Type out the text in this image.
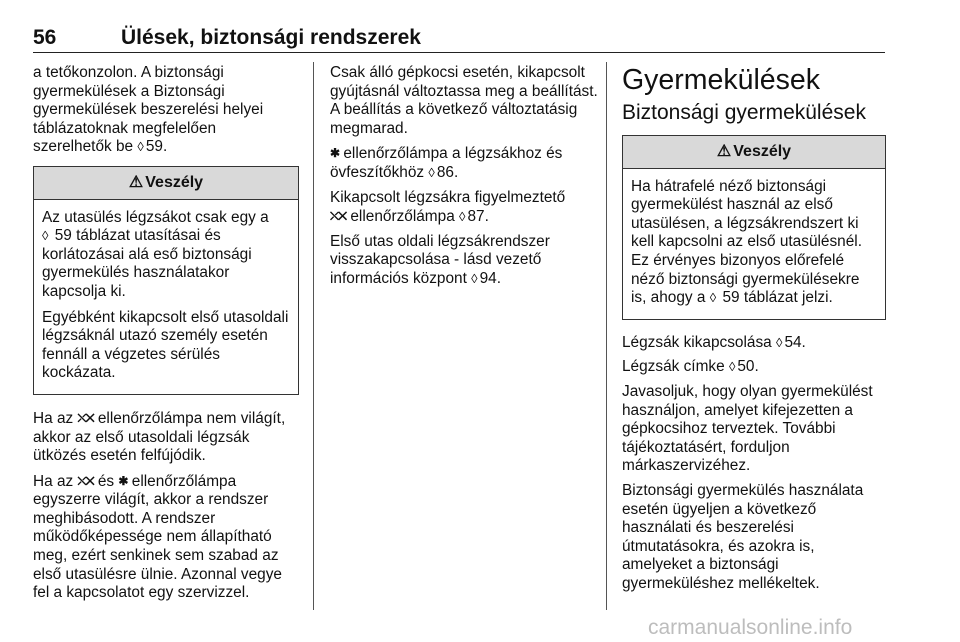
56	Ülések, biztonsági rendszerek

a tetőkonzolon. A biztonsági gyermekülések a Biztonsági gyermekülések beszerelési helyei táblázatoknak megfelelően szerelhetők be ◊ 59.

⚠ Veszély

Az utasülés légzsákot csak egy a
◊ 59 táblázat utasításai és korlátozásai alá eső biztonsági gyermekülés használatakor kapcsolja ki.

Egyébként kikapcsolt első utasoldali légzsáknál utazó személy esetén fennáll a végzetes sérülés kockázata.

Ha az ⛌✕ ellenőrzőlámpa nem világít, akkor az első utasoldali légzsák ütközés esetén felfújódik.

Ha az ⛌✕ és ✱ ellenőrzőlámpa egyszerre világít, akkor a rendszer meghibásodott. A rendszer működőképessége nem állapítható meg, ezért senkinek sem szabad az első utasülésre ülnie. Azonnal vegye fel a kapcsolatot egy szervizzel.

Csak álló gépkocsi esetén, kikapcsolt gyújtásnál változtassa meg a beállítást. A beállítás a következő változtatásig megmarad.

✱ ellenőrzőlámpa a légzsákhoz és övfeszítőkhöz ◊ 86.

Kikapcsolt légzsákra figyelmeztető
⛌✕ ellenőrzőlámpa ◊ 87.

Első utas oldali légzsákrendszer visszakapcsolása - lásd vezető információs központ ◊ 94.

Gyermekülések
Biztonsági gyermekülések
⚠ Veszély

Ha hátrafelé néző biztonsági gyermekülést használ az első utasülésen, a légzsákrendszert ki kell kapcsolni az első utasülésnél. Ez érvényes bizonyos előrefelé néző biztonsági gyermekülésekre is, ahogy a ◊ 59 táblázat jelzi.

Légzsák kikapcsolása ◊ 54.

Légzsák címke ◊ 50.

Javasoljuk, hogy olyan gyermekülést használjon, amelyet kifejezetten a gépkocsihoz terveztek. További tájékoztatásért, forduljon márkaszervizéhez.

Biztonsági gyermekülés használata esetén ügyeljen a következő használati és beszerelési útmutatásokra, és azokra is, amelyeket a biztonsági gyermeküléshez mellékeltek.

carmanualsonline.info
